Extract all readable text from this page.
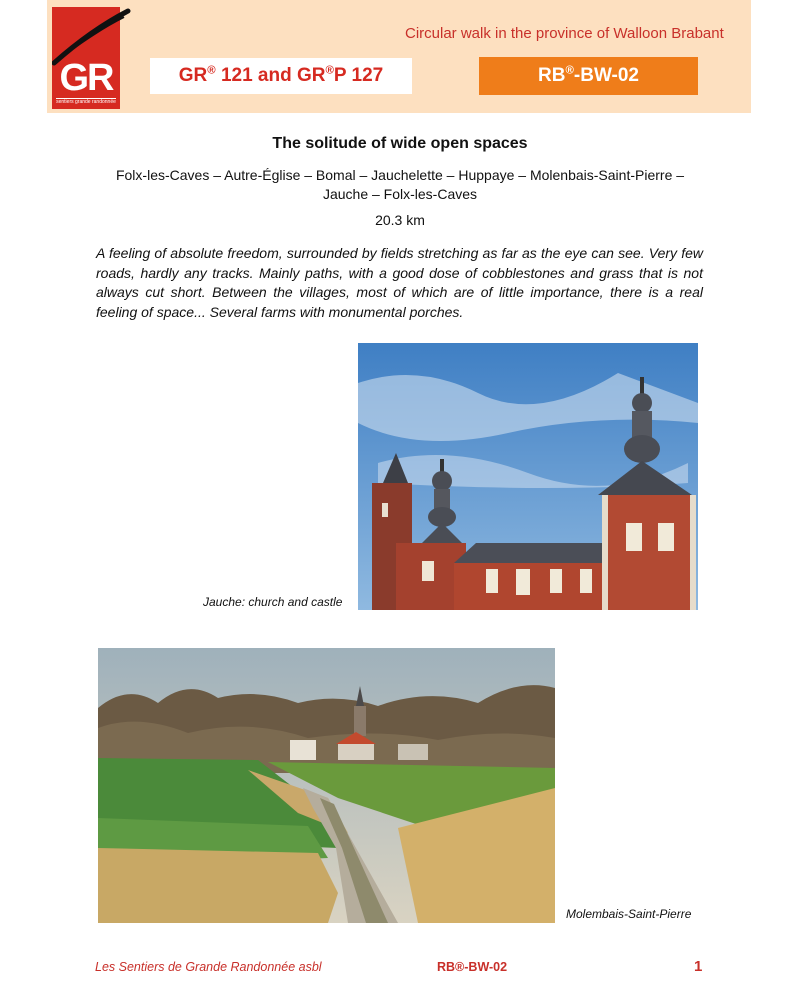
GR
sentiers grande randonnée
Circular walk in the province of Walloon Brabant
GR® 121 and GR®P 127	RB®-BW-02
The solitude of wide open spaces
Folx-les-Caves – Autre-Église – Bomal – Jauchelette – Huppaye – Molenbais-Saint-Pierre – Jauche – Folx-les-Caves
20.3 km
A feeling of absolute freedom, surrounded by fields stretching as far as the eye can see. Very few roads, hardly any tracks. Mainly paths, with a good dose of cobblestones and grass that is not always cut short. Between the villages, most of which are of little importance, there is a real feeling of space... Several farms with monumental porches.
Jauche: church and castle
Molembais-Saint-Pierre
Les Sentiers de Grande Randonnée asbl	RB®-BW-02	1
